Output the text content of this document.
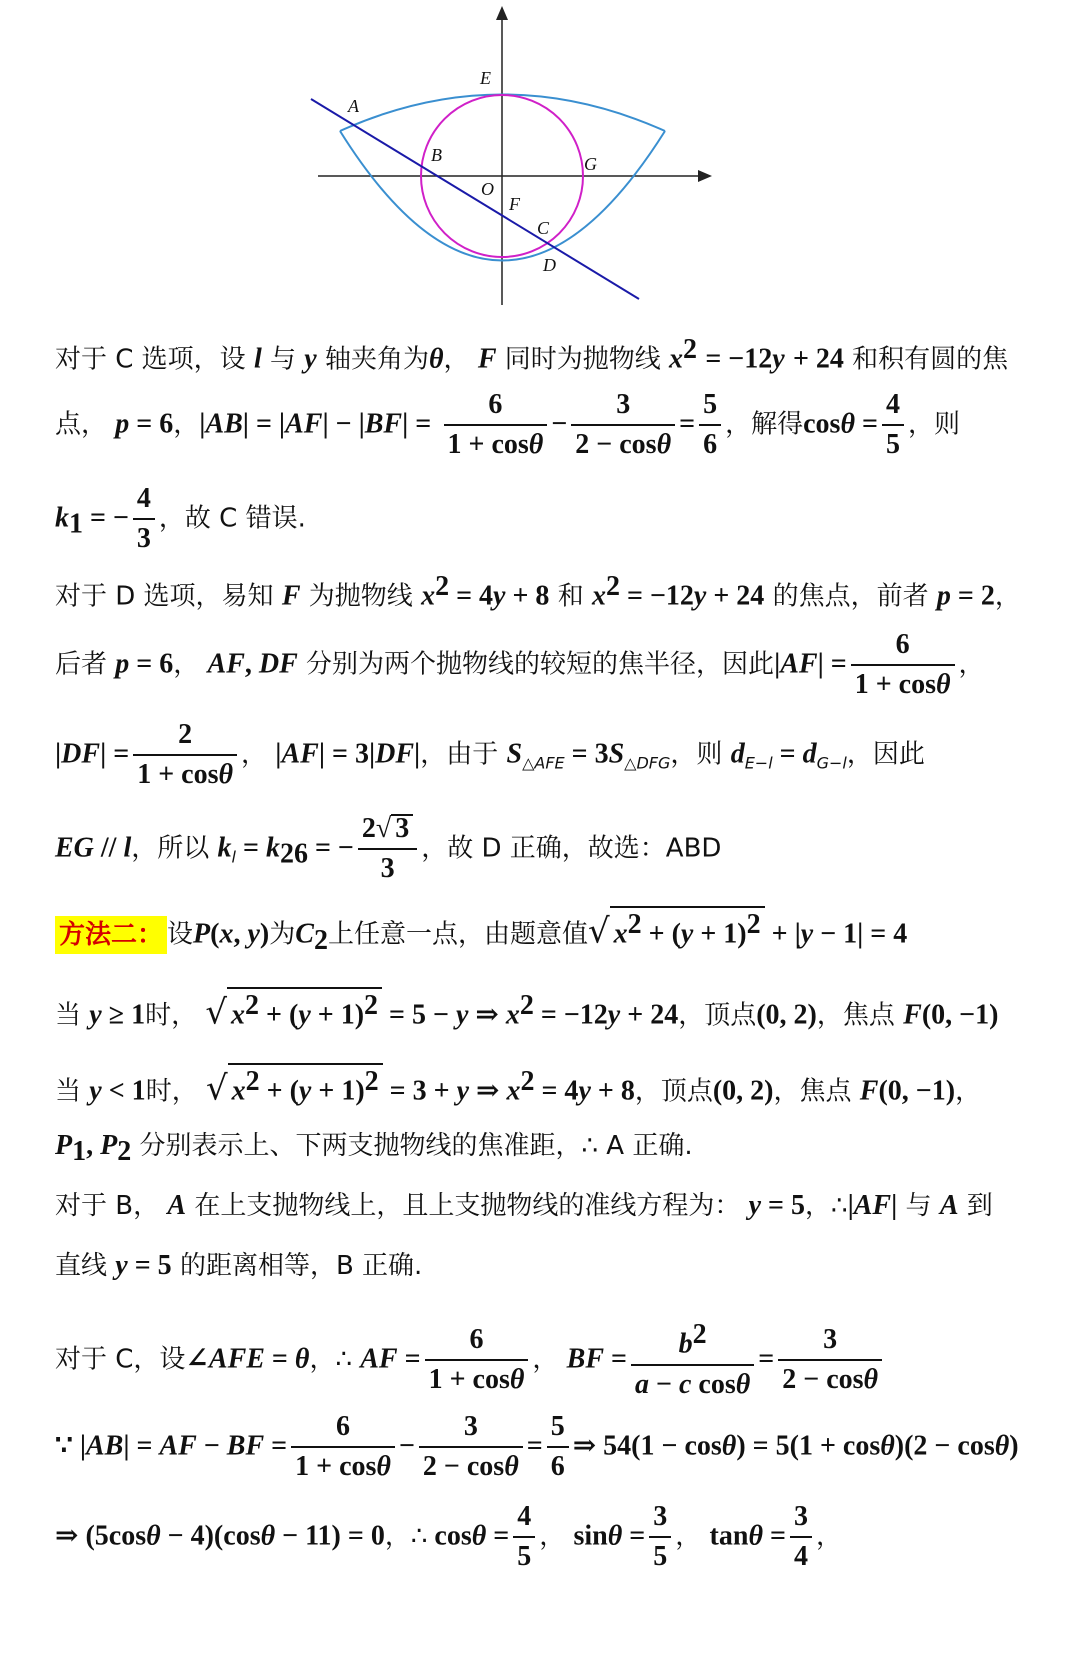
A
B
E
G
O
F
C
D
对于 C 选项，设 l 与 y 轴夹角为θ， F 同时为抛物线 $x^2 = -12y + 24$ 和积有圆的焦
点， p = 6，$|AB| = |AF| - |BF| = \frac{6}{1 + \cos\theta} - \frac{3}{2 - \cos\theta} = \frac{5}{6}$ ，解得$\cos\theta = \frac{4}{5}$ ，则
$k_1$ = − $\frac{4}{3}$ ，故 C 错误.
对于 D 选项，易知 F 为抛物线 $x^2 = 4y + 8$ 和 $x^2 = -12y + 24$ 的焦点，前者 p = 2，
后者 p = 6， AF, DF 分别为两个抛物线的较短的焦半径，因此$|AF| = \frac{6}{1 + \cos\theta}$ ，
$|DF| = \frac{2}{1 + \cos\theta}$ ， |AF| = 3|DF|，由于 $S_{\triangle AFE} = 3S_{\triangle DFG}$，则 $d_{E-l} = d_{G-l}$，因此
EG // l，所以 $k_l = k_{26}$ = − $\frac{2√ 3}{3}$ ，故 D 正确，故选：ABD
方法二： 设P(x, y)为$C_2$上任意一点，由题意值√ $x^2 + (y + 1)^2 + |y - 1| = 4$
当 y ≥ 1时， √ $x^2 + (y + 1)^2 = 5 - y$ ⇒ $x^2 = -12y + 24$，顶点(0, 2)，焦点 F(0, −1)
当 y < 1时， √ $x^2 + (y + 1)^2 = 3 + y$ ⇒ $x^2 = 4y + 8$，顶点(0, 2)，焦点 F(0, −1)，
$P_1$, $P_2$ 分别表示上、下两支抛物线的焦准距，∴ A 正确.
对于 B， A 在上支抛物线上，且上支抛物线的准线方程为： y = 5，∴|AF| 与 A 到
直线 y = 5 的距离相等，B 正确.
对于 C，设∠AFE = θ，∴ AF = $\frac{6}{1 + \cos\theta}$ ， BF = $\frac{b^2}{\text{a − c cosθ}} = \frac{3}{2 - \cos\theta}$
∵ |AB| = AF − BF = $\frac{6}{1 + \cos\theta} - \frac{3}{2 - \cos\theta} = \frac{5}{6}$ ⇒ 54(1 − cosθ) = 5(1 + cosθ)(2 − cosθ)
⇒ (5cosθ − 4)(cosθ − 11) = 0，∴ $\cos\theta = \frac{4}{5}$ ， $\sin\theta = \frac{3}{5}$ ， $\tan\theta = \frac{3}{4}$ ，
